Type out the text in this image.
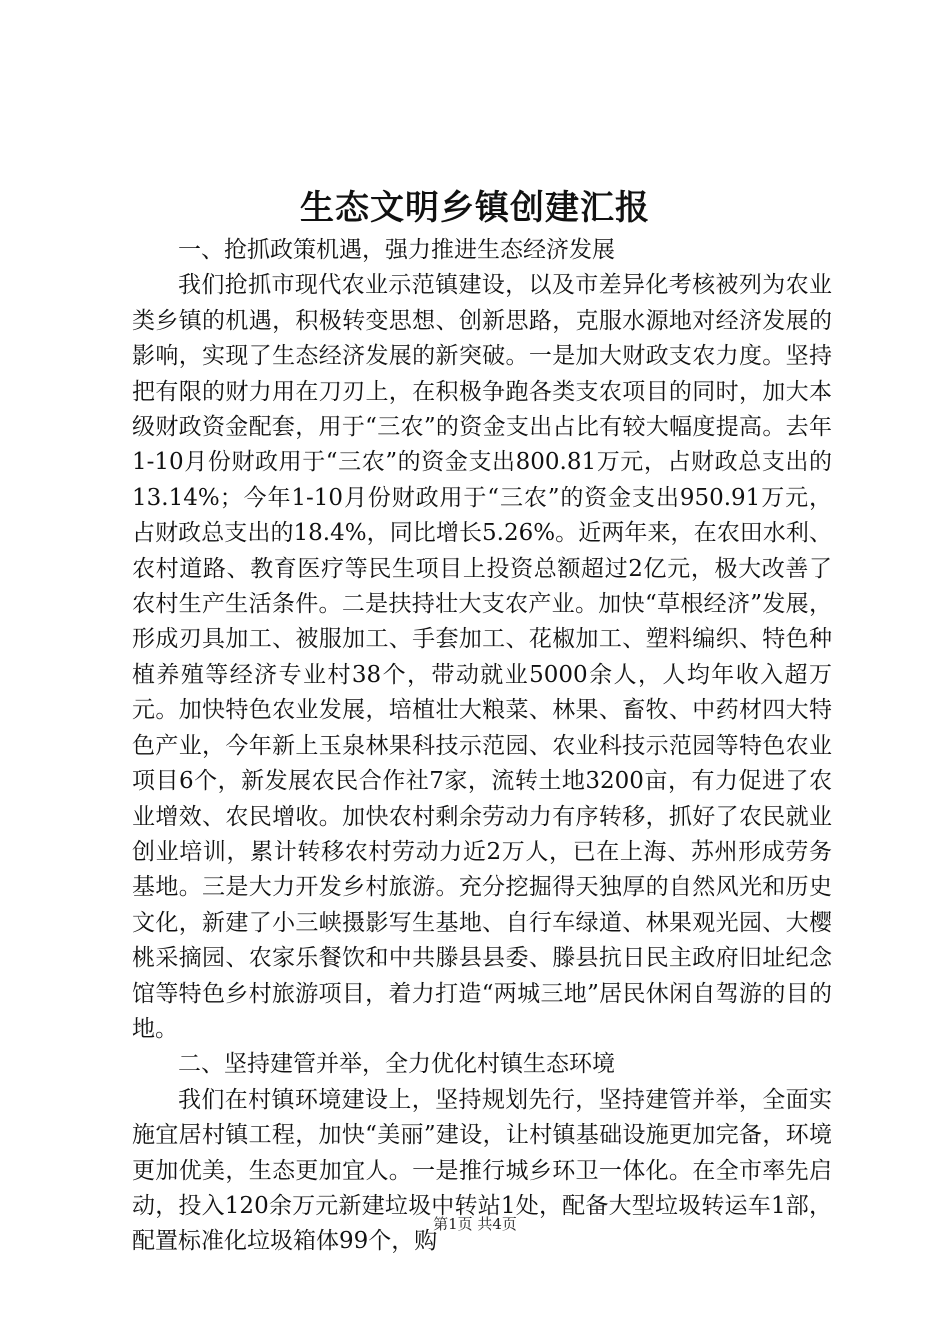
生态文明乡镇创建汇报

一、抢抓政策机遇，强力推进生态经济发展

我们抢抓市现代农业示范镇建设，以及市差异化考核被列为农业类乡镇的机遇，积极转变思想、创新思路，克服水源地对经济发展的影响，实现了生态经济发展的新突破。一是加大财政支农力度。坚持把有限的财力用在刀刃上，在积极争跑各类支农项目的同时，加大本级财政资金配套，用于“三农”的资金支出占比有较大幅度提高。去年1-10月份财政用于“三农”的资金支出800.81万元，占财政总支出的13.14%；今年1-10月份财政用于“三农”的资金支出950.91万元，占财政总支出的18.4%，同比增长5.26%。近两年来，在农田水利、农村道路、教育医疗等民生项目上投资总额超过2亿元，极大改善了农村生产生活条件。二是扶持壮大支农产业。加快“草根经济”发展，形成刃具加工、被服加工、手套加工、花椒加工、塑料编织、特色种植养殖等经济专业村38个，带动就业5000余人，人均年收入超万元。加快特色农业发展，培植壮大粮菜、林果、畜牧、中药材四大特色产业，今年新上玉泉林果科技示范园、农业科技示范园等特色农业项目6个，新发展农民合作社7家，流转土地3200亩，有力促进了农业增效、农民增收。加快农村剩余劳动力有序转移，抓好了农民就业创业培训，累计转移农村劳动力近2万人，已在上海、苏州形成劳务基地。三是大力开发乡村旅游。充分挖掘得天独厚的自然风光和历史文化，新建了小三峡摄影写生基地、自行车绿道、林果观光园、大樱桃采摘园、农家乐餐饮和中共滕县县委、滕县抗日民主政府旧址纪念馆等特色乡村旅游项目，着力打造“两城三地”居民休闲自驾游的目的地。

二、坚持建管并举，全力优化村镇生态环境

我们在村镇环境建设上，坚持规划先行，坚持建管并举，全面实施宜居村镇工程，加快“美丽”建设，让村镇基础设施更加完备，环境更加优美，生态更加宜人。一是推行城乡环卫一体化。在全市率先启动，投入120余万元新建垃圾中转站1处，配备大型垃圾转运车1部，配置标准化垃圾箱体99个，购

第1页 共4页
